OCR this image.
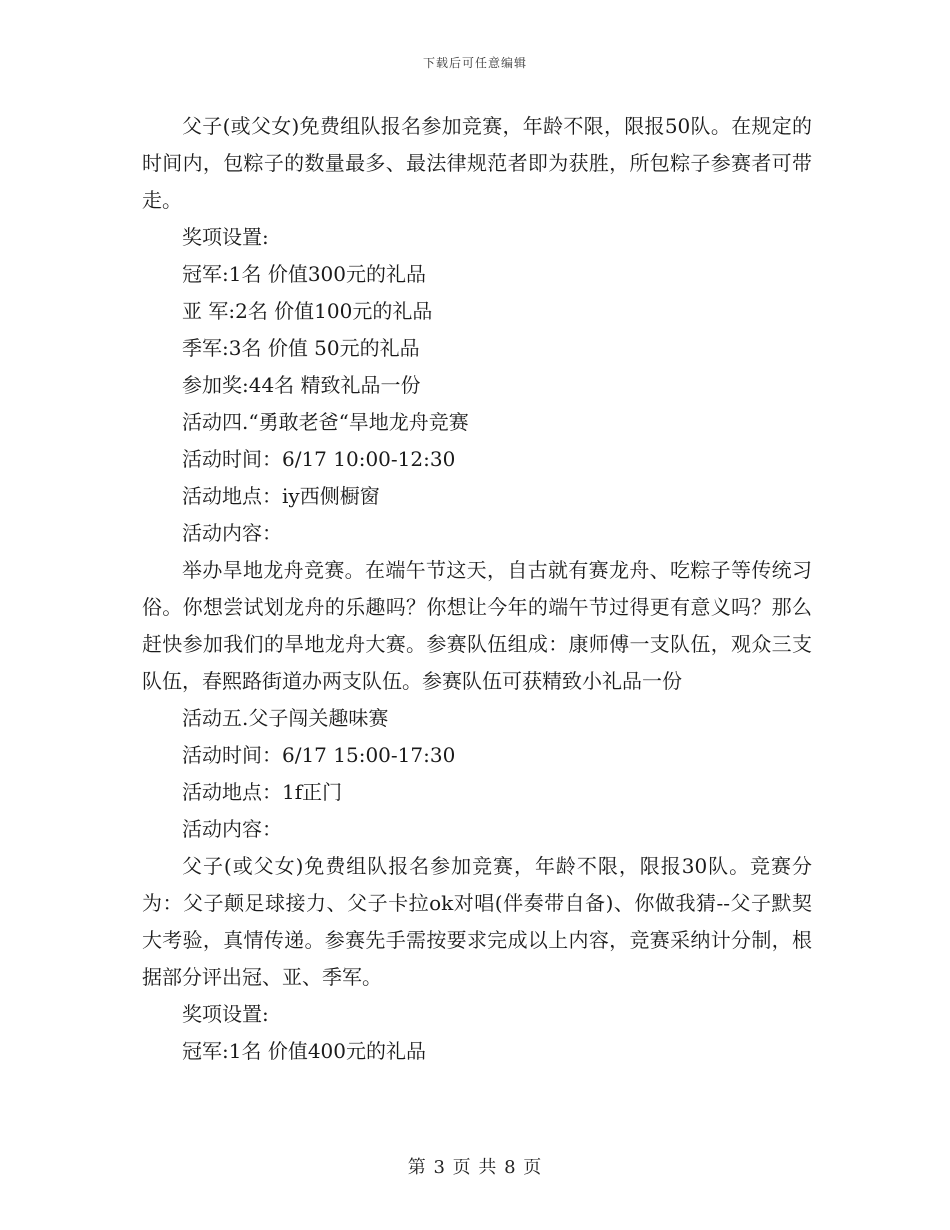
下载后可任意编辑

父子(或父女)免费组队报名参加竞赛，年龄不限，限报50队。在规定的时间内，包粽子的数量最多、最法律规范者即为获胜，所包粽子参赛者可带走。

奖项设置:

冠军:1名 价值300元的礼品

亚 军:2名 价值100元的礼品

季军:3名 价值 50元的礼品

参加奖:44名 精致礼品一份

活动四.“勇敢老爸“旱地龙舟竞赛

活动时间：6/17 10:00-12:30

活动地点：iy西侧橱窗

活动内容：

举办旱地龙舟竞赛。在端午节这天，自古就有赛龙舟、吃粽子等传统习俗。你想尝试划龙舟的乐趣吗？你想让今年的端午节过得更有意义吗？那么赶快参加我们的旱地龙舟大赛。参赛队伍组成：康师傅一支队伍，观众三支队伍，春熙路街道办两支队伍。参赛队伍可获精致小礼品一份

活动五.父子闯关趣味赛

活动时间：6/17 15:00-17:30

活动地点：1f正门

活动内容：

父子(或父女)免费组队报名参加竞赛，年龄不限，限报30队。竞赛分为：父子颠足球接力、父子卡拉ok对唱(伴奏带自备)、你做我猜--父子默契大考验，真情传递。参赛先手需按要求完成以上内容，竞赛采纳计分制，根据部分评出冠、亚、季军。

奖项设置:

冠军:1名 价值400元的礼品

第 3 页 共 8 页
